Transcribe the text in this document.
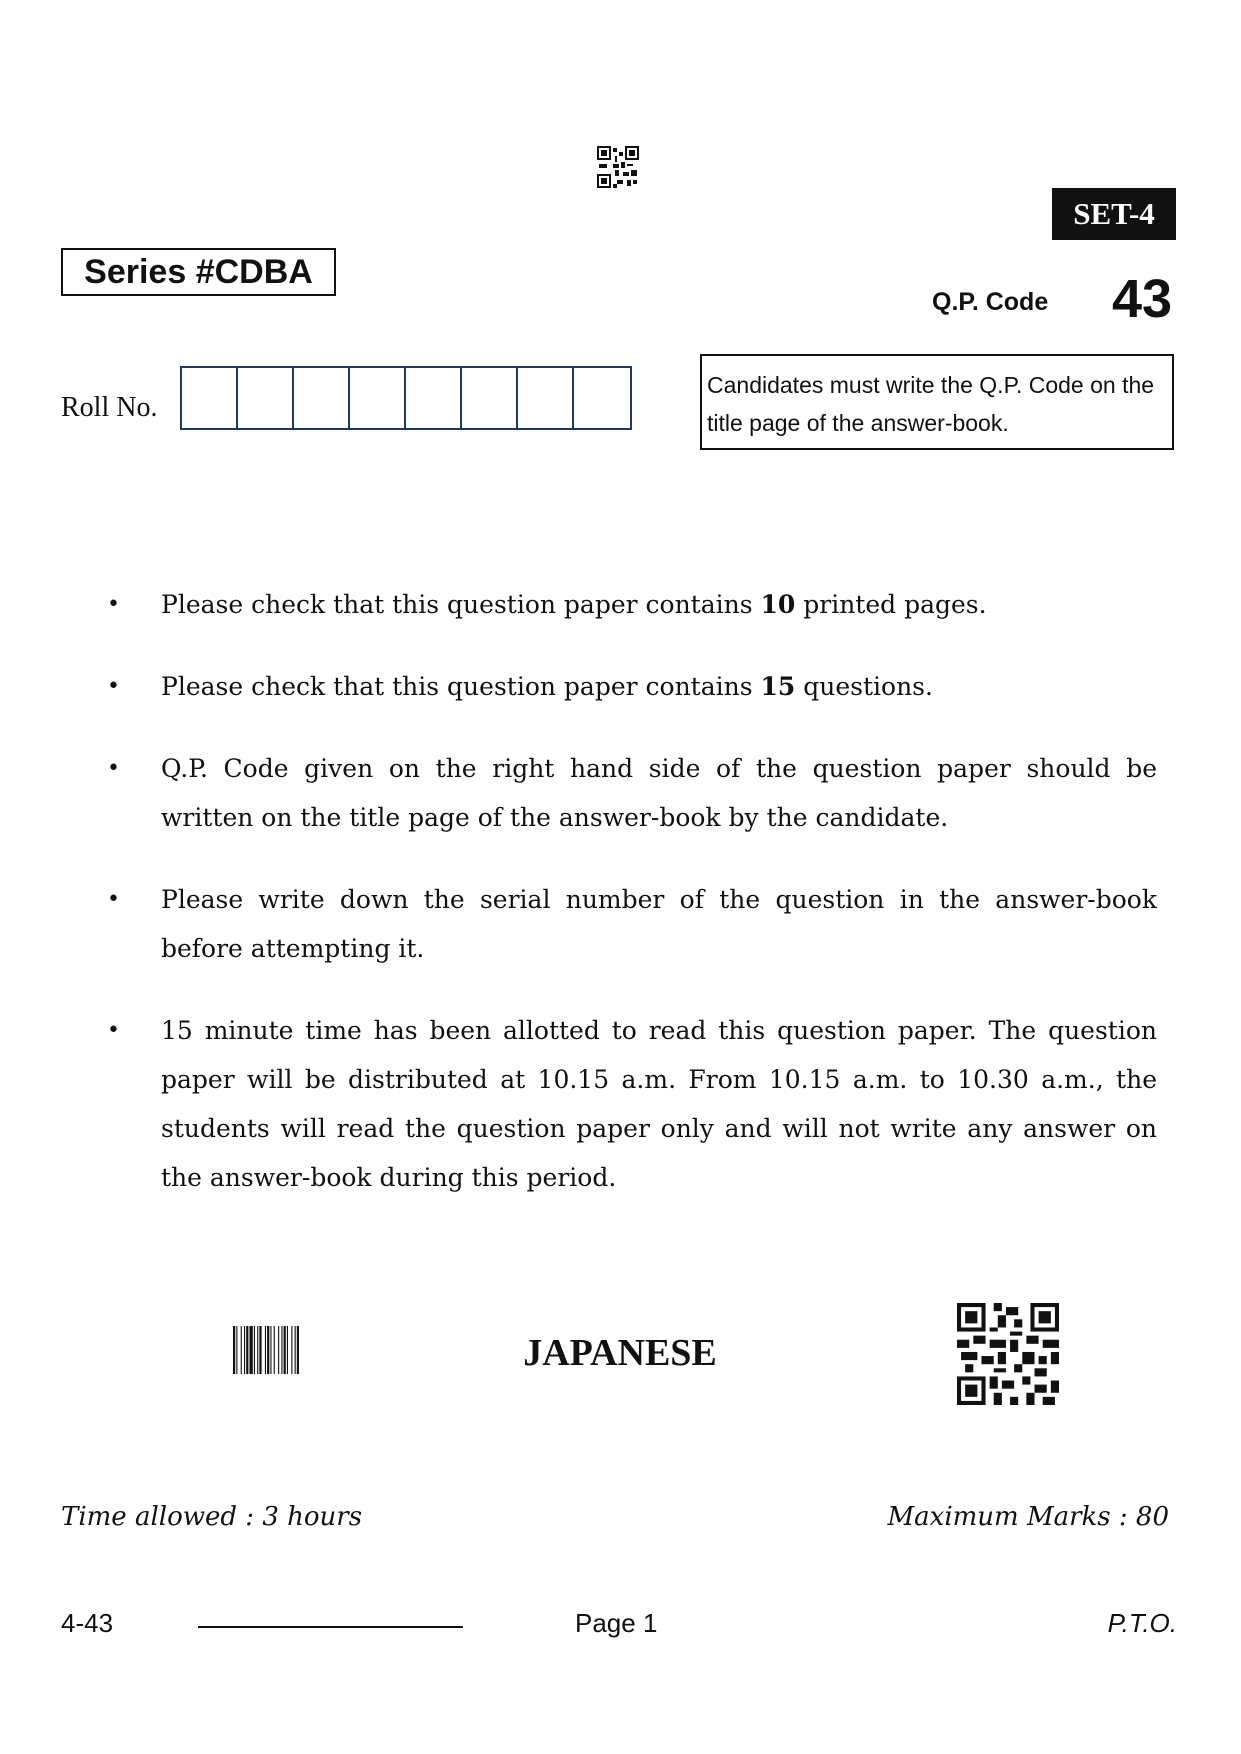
SET-4
Series #CDBA
Q.P. Code 43
Roll No.
Candidates must write the Q.P. Code on the title page of the answer-book.
• Please check that this question paper contains 10 printed pages.
• Please check that this question paper contains 15 questions.
• Q.P. Code given on the right hand side of the question paper should be written on the title page of the answer-book by the candidate.
• Please write down the serial number of the question in the answer-book before attempting it.
• 15 minute time has been allotted to read this question paper. The question paper will be distributed at 10.15 a.m. From 10.15 a.m. to 10.30 a.m., the students will read the question paper only and will not write any answer on the answer-book during this period.
JAPANESE
Time allowed : 3 hours	Maximum Marks : 80
4-43	Page 1	P.T.O.
